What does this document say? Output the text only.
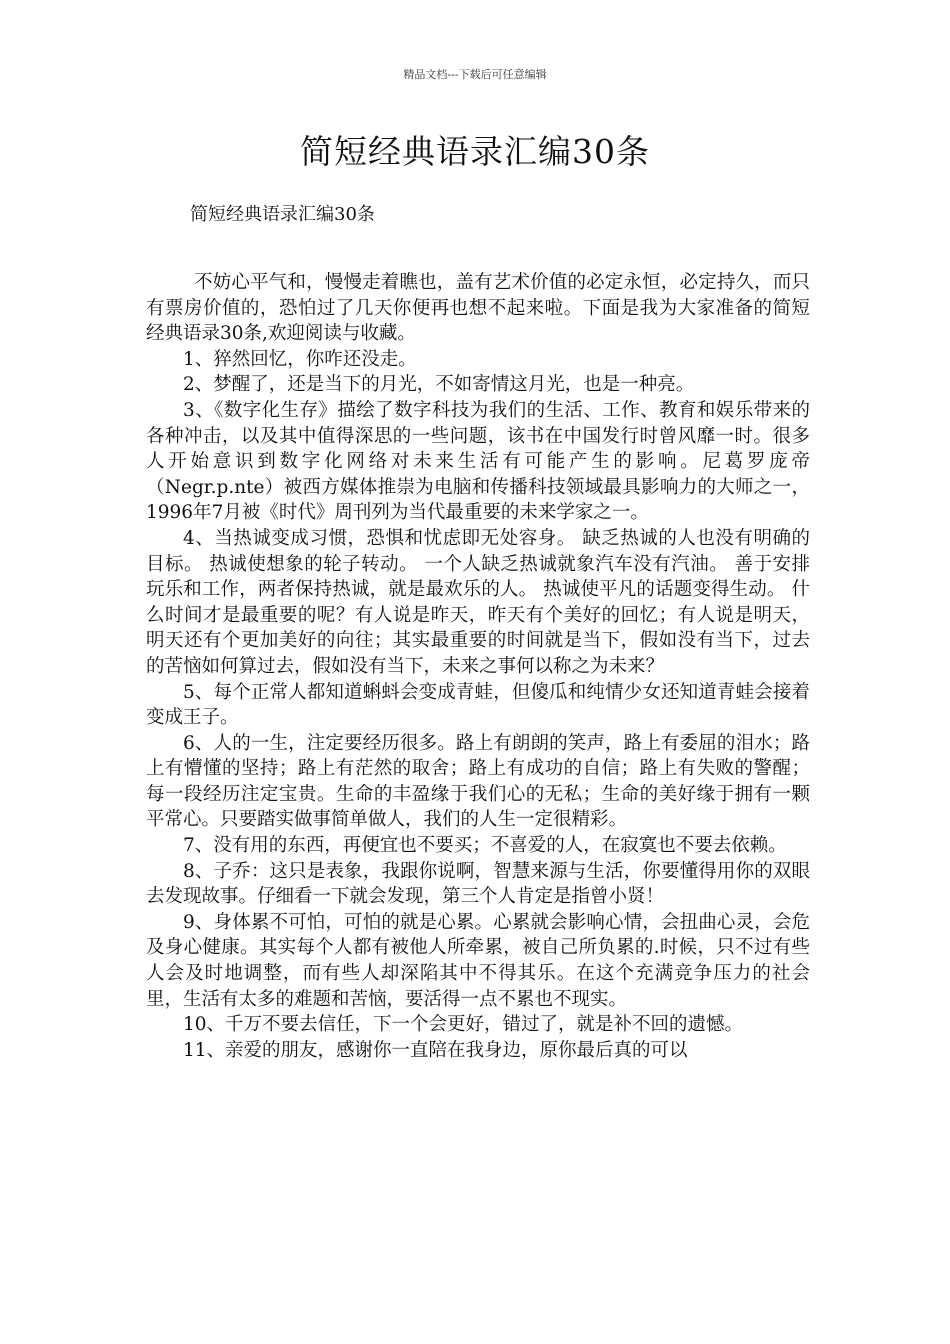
精品文档---下载后可任意编辑
简短经典语录汇编30条

简短经典语录汇编30条

不妨心平气和，慢慢走着瞧也，盖有艺术价值的必定永恒，必定持久，而只有票房价值的，恐怕过了几天你便再也想不起来啦。下面是我为大家准备的简短经典语录30条,欢迎阅读与收藏。

1、猝然回忆，你咋还没走。

2、梦醒了，还是当下的月光，不如寄情这月光，也是一种亮。

3、《数字化生存》描绘了数字科技为我们的生活、工作、教育和娱乐带来的各种冲击，以及其中值得深思的一些问题，该书在中国发行时曾风靡一时。很多人开始意识到数字化网络对未来生活有可能产生的影响。尼葛罗庞帝（Negr.p.nte）被西方媒体推崇为电脑和传播科技领域最具影响力的大师之一，1996年7月被《时代》周刊列为当代最重要的未来学家之一。

4、当热诚变成习惯，恐惧和忧虑即无处容身。 缺乏热诚的人也没有明确的目标。 热诚使想象的轮子转动。 一个人缺乏热诚就象汽车没有汽油。 善于安排玩乐和工作，两者保持热诚，就是最欢乐的人。 热诚使平凡的话题变得生动。 什么时间才是最重要的呢？有人说是昨天，昨天有个美好的回忆；有人说是明天，明天还有个更加美好的向往；其实最重要的时间就是当下，假如没有当下，过去的苦恼如何算过去，假如没有当下，未来之事何以称之为未来？

5、每个正常人都知道蝌蚪会变成青蛙，但傻瓜和纯情少女还知道青蛙会接着变成王子。

6、人的一生，注定要经历很多。路上有朗朗的笑声，路上有委屈的泪水；路上有懵懂的坚持；路上有茫然的取舍；路上有成功的自信；路上有失败的警醒；每一段经历注定宝贵。生命的丰盈缘于我们心的无私；生命的美好缘于拥有一颗平常心。只要踏实做事简单做人，我们的人生一定很精彩。

7、没有用的东西，再便宜也不要买；不喜爱的人，在寂寞也不要去依赖。

8、子乔：这只是表象，我跟你说啊，智慧来源与生活，你要懂得用你的双眼去发现故事。仔细看一下就会发现，第三个人肯定是指曾小贤！

9、身体累不可怕，可怕的就是心累。心累就会影响心情，会扭曲心灵，会危及身心健康。其实每个人都有被他人所牵累，被自己所负累的.时候，只不过有些人会及时地调整，而有些人却深陷其中不得其乐。在这个充满竞争压力的社会里，生活有太多的难题和苦恼，要活得一点不累也不现实。

10、千万不要去信任，下一个会更好，错过了，就是补不回的遗憾。

11、亲爱的朋友，感谢你一直陪在我身边，原你最后真的可以
